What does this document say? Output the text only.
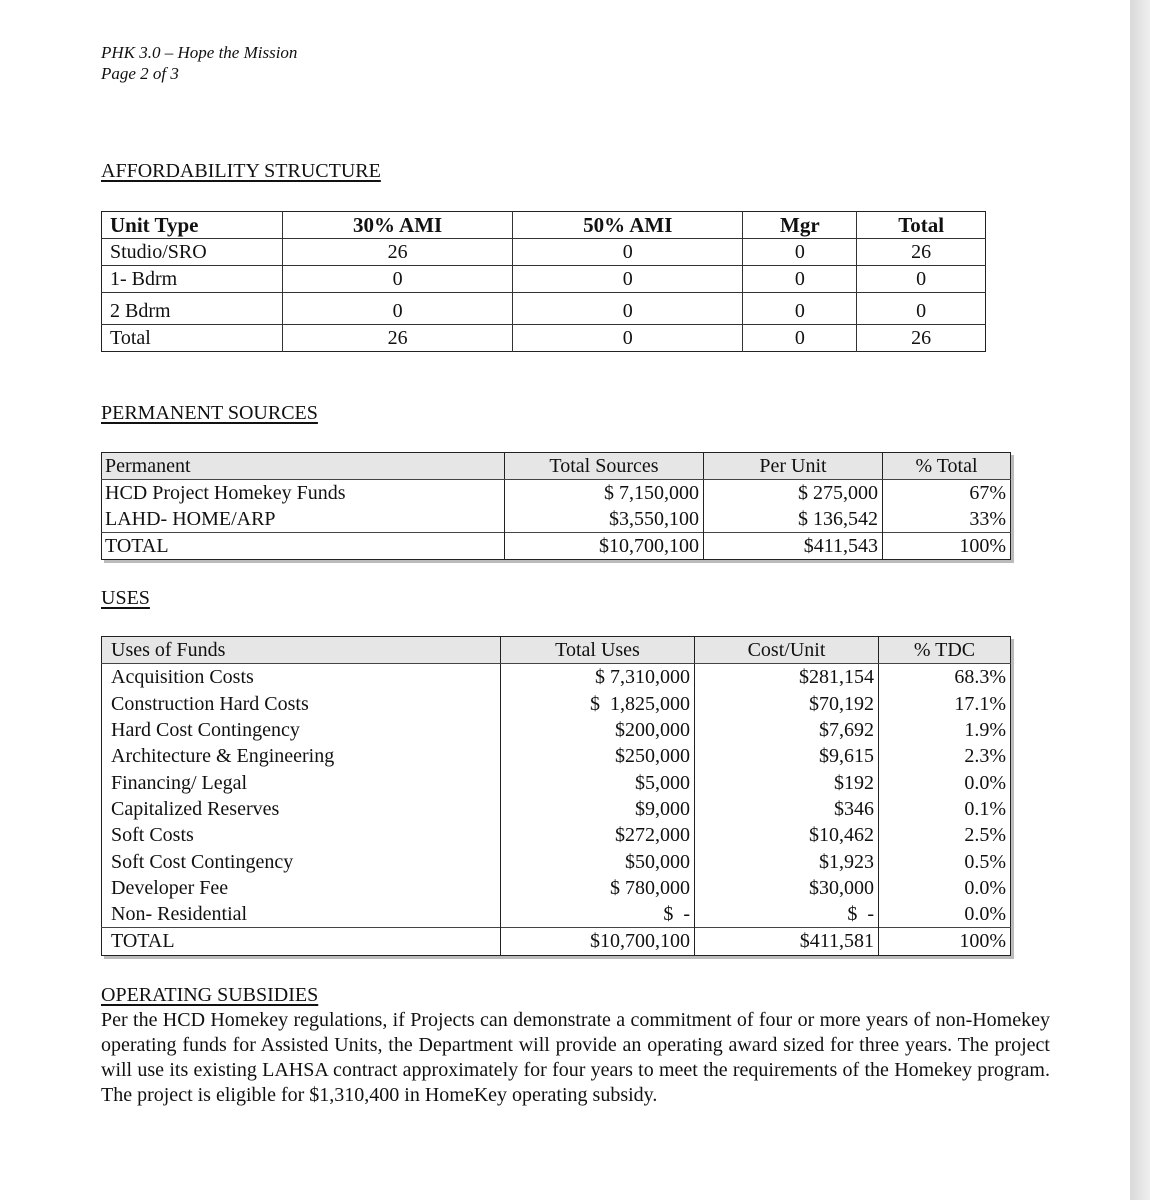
PHK 3.0 – Hope the Mission
Page 2 of 3
AFFORDABILITY STRUCTURE
Unit Type	30% AMI	50% AMI	Mgr	Total
Studio/SRO	26	0	0	26
1- Bdrm	0	0	0	0
2 Bdrm	0	0	0	0
Total	26	0	0	26
PERMANENT SOURCES
Permanent	Total Sources	Per Unit	% Total
HCD Project Homekey Funds	$ 7,150,000	$ 275,000	67%
LAHD- HOME/ARP	$3,550,100	$ 136,542	33%
TOTAL	$10,700,100	$411,543	100%
USES
Uses of Funds	Total Uses	Cost/Unit	% TDC
Acquisition Costs	$ 7,310,000	$281,154	68.3%
Construction Hard Costs	$  1,825,000	$70,192	17.1%
Hard Cost Contingency	$200,000	$7,692	1.9%
Architecture & Engineering	$250,000	$9,615	2.3%
Financing/ Legal	$5,000	$192	0.0%
Capitalized Reserves	$9,000	$346	0.1%
Soft Costs	$272,000	$10,462	2.5%
Soft Cost Contingency	$50,000	$1,923	0.5%
Developer Fee	$ 780,000	$30,000	0.0%
Non- Residential	$  -	$  -	0.0%
TOTAL	$10,700,100	$411,581	100%
OPERATING SUBSIDIES
Per the HCD Homekey regulations, if Projects can demonstrate a commitment of four or more years of non-Homekey operating funds for Assisted Units, the Department will provide an operating award sized for three years. The project will use its existing LAHSA contract approximately for four years to meet the requirements of the Homekey program. The project is eligible for $1,310,400 in HomeKey operating subsidy.
